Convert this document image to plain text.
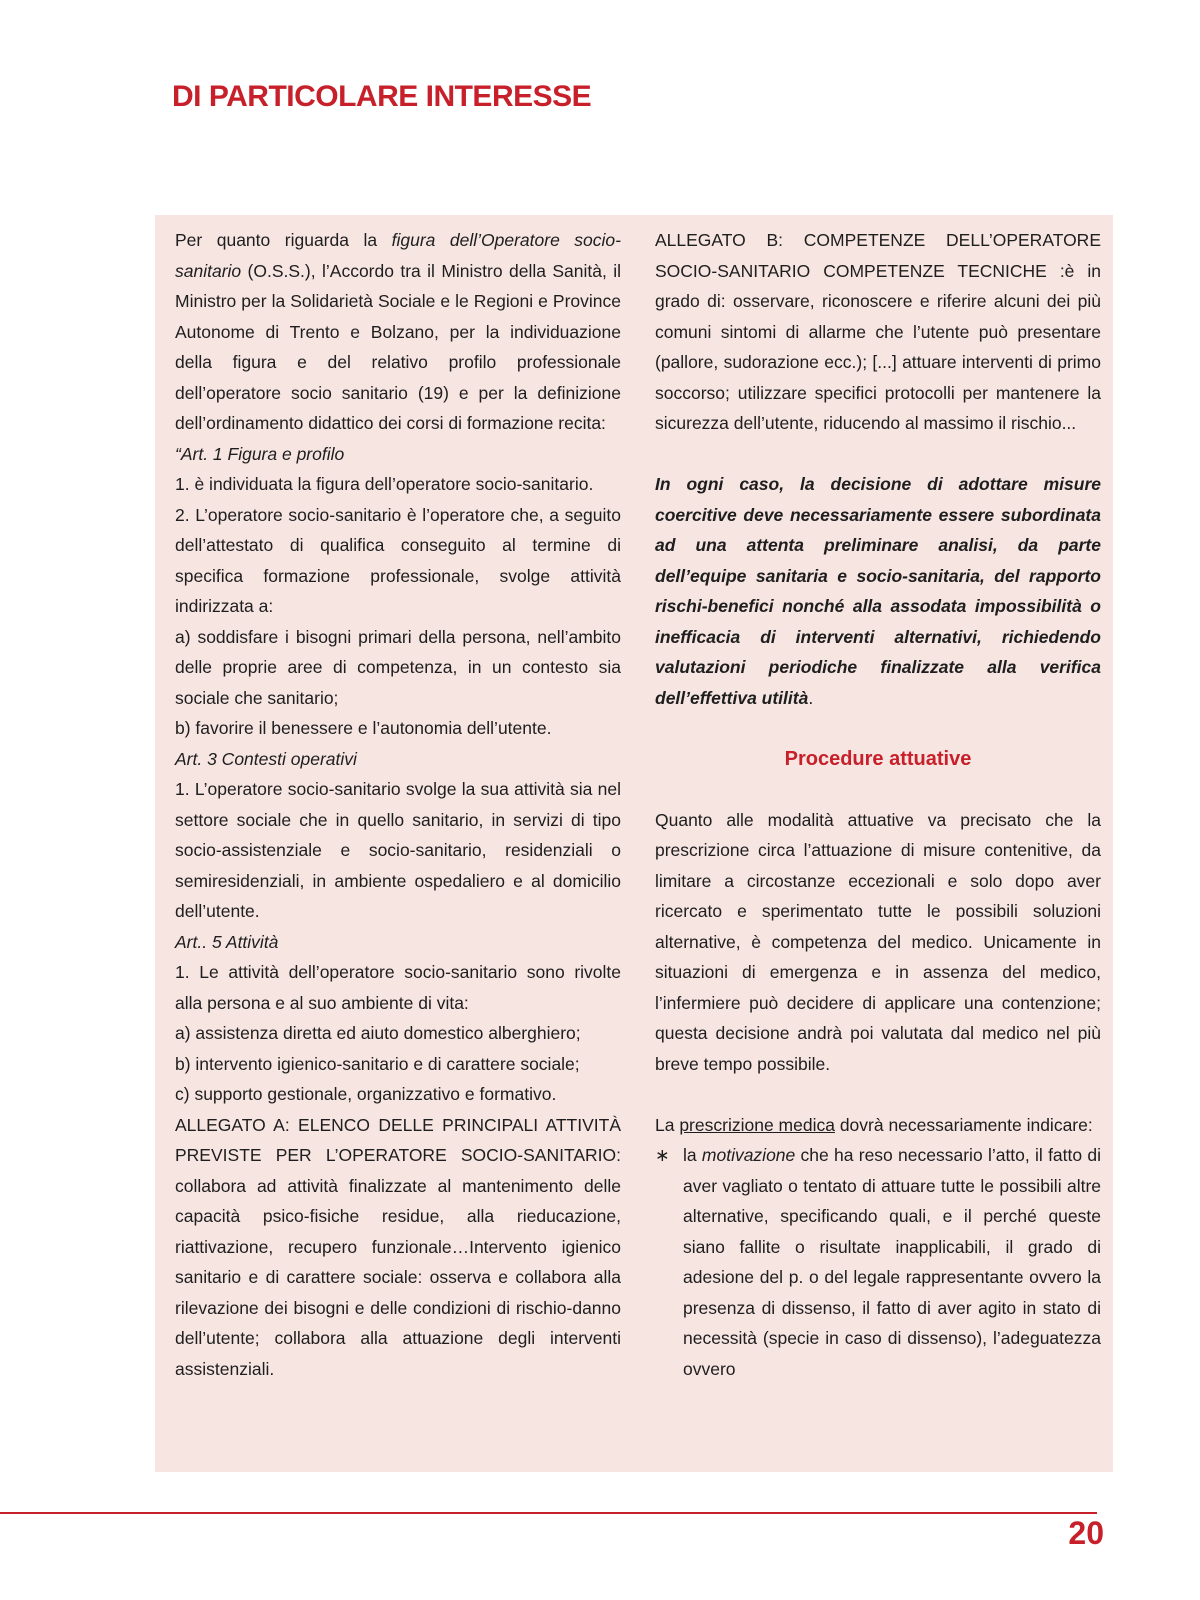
DI PARTICOLARE INTERESSE

Per quanto riguarda la figura dell’Operatore socio-sanitario (O.S.S.), l’Accordo tra il Ministro della Sanità, il Ministro per la Solidarietà Sociale e le Regioni e Province Autonome di Trento e Bolzano, per la individuazione della figura e del relativo profilo professionale dell’operatore socio sanitario (19) e per la definizione dell’ordinamento didattico dei corsi di formazione recita:

“Art. 1 Figura e profilo

1. è individuata la figura dell’operatore socio-sanitario.

2. L’operatore socio-sanitario è l’operatore che, a seguito dell’attestato di qualifica conseguito al termine di specifica formazione professionale, svolge attività indirizzata a:

a) soddisfare i bisogni primari della persona, nell’ambito delle proprie aree di competenza, in un contesto sia sociale che sanitario;

b) favorire il benessere e l’autonomia dell’utente.

Art. 3 Contesti operativi

1. L’operatore socio-sanitario svolge la sua attività sia nel settore sociale che in quello sanitario, in servizi di tipo socio-assistenziale e socio-sanitario, residenziali o semiresidenziali, in ambiente ospedaliero e al domicilio dell’utente.

Art.. 5 Attività

1. Le attività dell’operatore socio-sanitario sono rivolte alla persona e al suo ambiente di vita:

a) assistenza diretta ed aiuto domestico alberghiero;

b) intervento igienico-sanitario e di carattere sociale;

c) supporto gestionale, organizzativo e formativo.

ALLEGATO A: ELENCO DELLE PRINCIPALI ATTIVITÀ PREVISTE PER L’OPERATORE SOCIO-SANITARIO: collabora ad attività finalizzate al mantenimento delle capacità psico-fisiche residue, alla rieducazione, riattivazione, recupero funzionale…Intervento igienico sanitario e di carattere sociale: osserva e collabora alla rilevazione dei bisogni e delle condizioni di rischio-danno dell’utente; collabora alla attuazione degli interventi assistenziali.

ALLEGATO B: COMPETENZE DELL’OPERATORE SOCIO-SANITARIO COMPETENZE TECNICHE :è in grado di: osservare, riconoscere e riferire alcuni dei più comuni sintomi di allarme che l’utente può presentare (pallore, sudorazione ecc.); [...] attuare interventi di primo soccorso; utilizzare specifici protocolli per mantenere la sicurezza dell’utente, riducendo al massimo il rischio...

In ogni caso, la decisione di adottare misure coercitive deve necessariamente essere subordinata ad una attenta preliminare analisi, da parte dell’equipe sanitaria e socio-sanitaria, del rapporto rischi-benefici nonché alla assodata impossibilità o inefficacia di interventi alternativi, richiedendo valutazioni periodiche finalizzate alla verifica dell’effettiva utilità.

Procedure attuative

Quanto alle modalità attuative va precisato che la prescrizione circa l’attuazione di misure contenitive, da limitare a circostanze eccezionali e solo dopo aver ricercato e sperimentato tutte le possibili soluzioni alternative, è competenza del medico. Unicamente in situazioni di emergenza e in assenza del medico, l’infermiere può decidere di applicare una contenzione; questa decisione andrà poi valutata dal medico nel più breve tempo possibile.

La prescrizione medica dovrà necessariamente indicare:

∗ la motivazione che ha reso necessario l’atto, il fatto di aver vagliato o tentato di attuare tutte le possibili altre alternative, specificando quali, e il perché queste siano fallite o risultate inapplicabili, il grado di adesione del p. o del legale rappresentante ovvero la presenza di dissenso, il fatto di aver agito in stato di necessità (specie in caso di dissenso), l’adeguatezza ovvero
20
